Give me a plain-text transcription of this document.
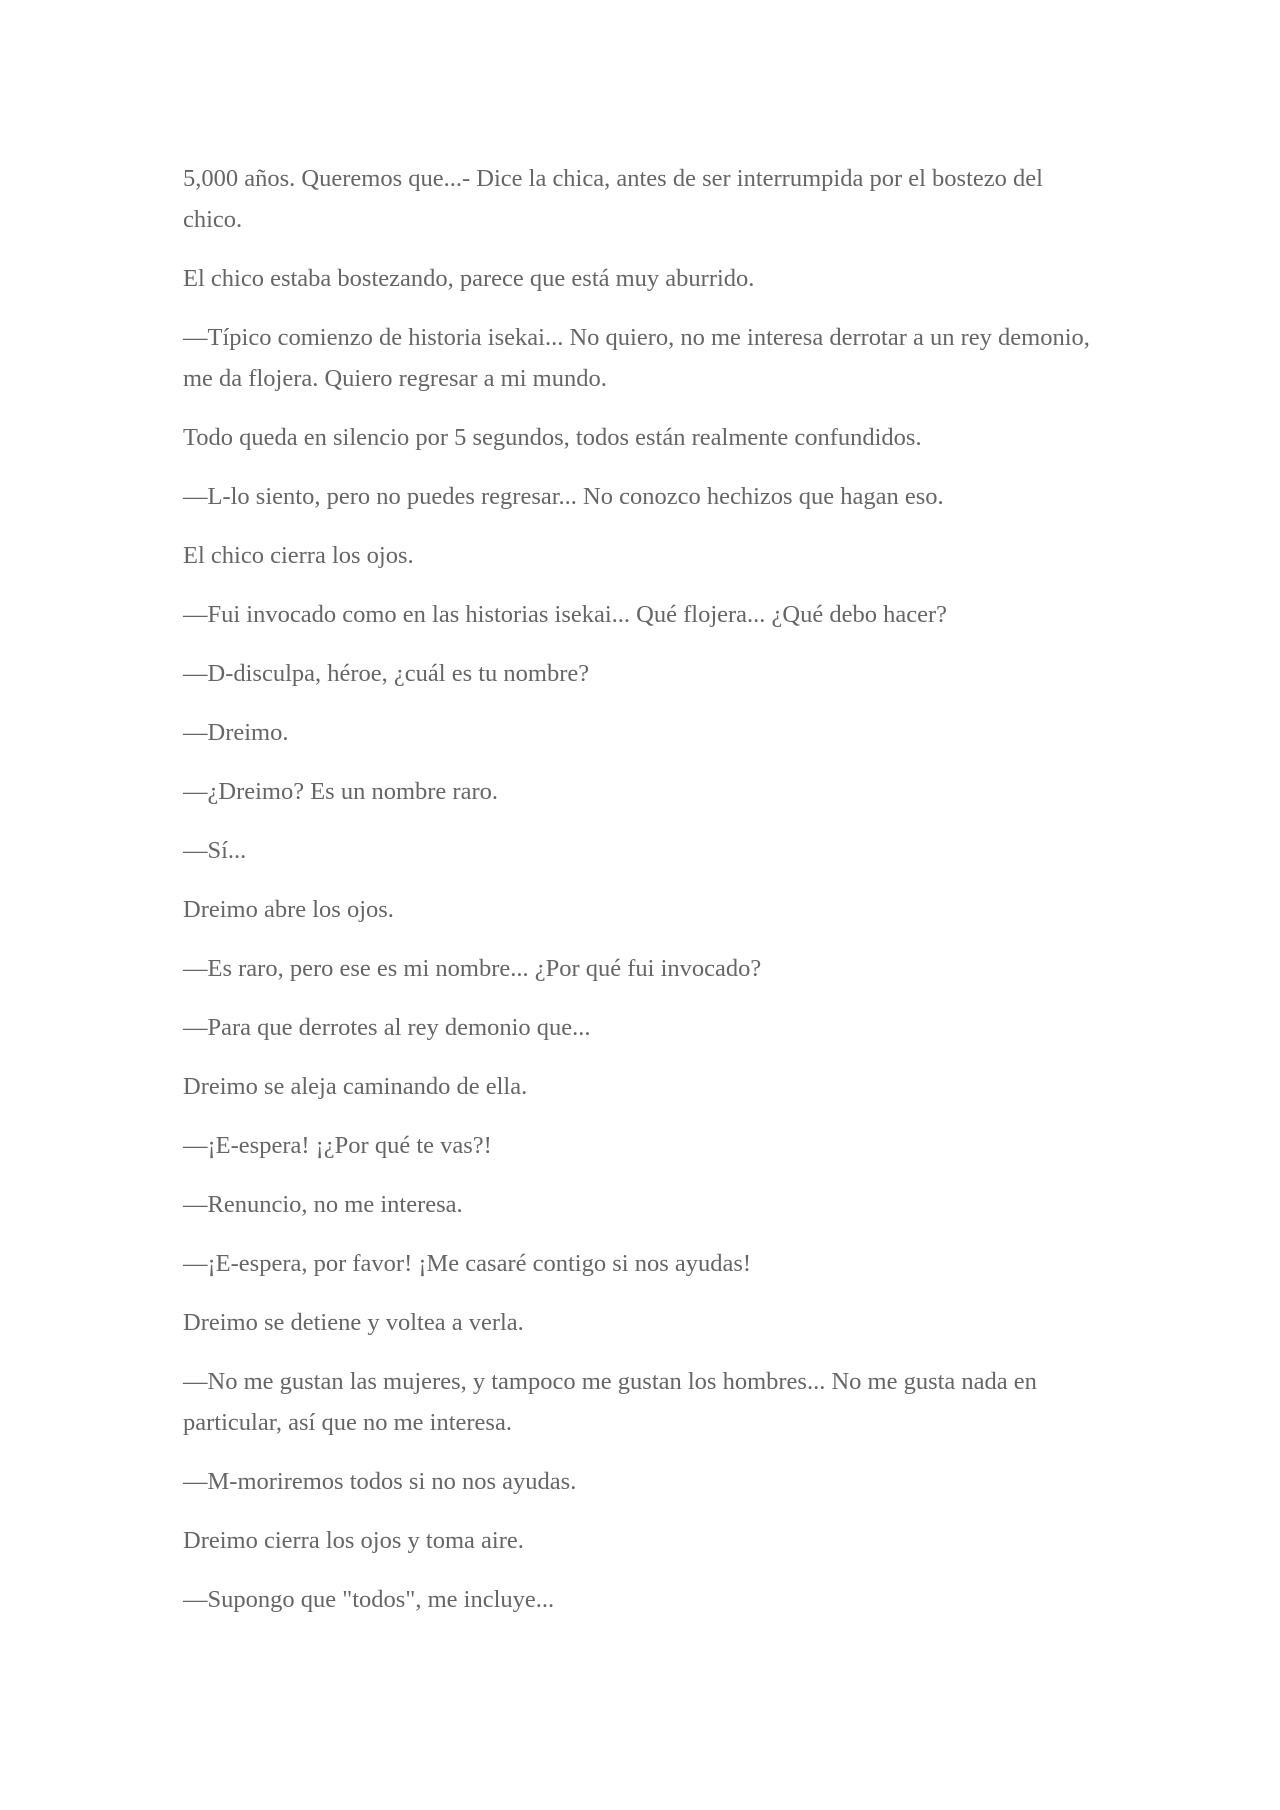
5,000 años. Queremos que...- Dice la chica, antes de ser interrumpida por el bostezo del chico.

El chico estaba bostezando, parece que está muy aburrido.

—Típico comienzo de historia isekai... No quiero, no me interesa derrotar a un rey demonio, me da flojera. Quiero regresar a mi mundo.

Todo queda en silencio por 5 segundos, todos están realmente confundidos.

—L-lo siento, pero no puedes regresar... No conozco hechizos que hagan eso.

El chico cierra los ojos.

—Fui invocado como en las historias isekai... Qué flojera... ¿Qué debo hacer?

—D-disculpa, héroe, ¿cuál es tu nombre?

—Dreimo.

—¿Dreimo? Es un nombre raro.

—Sí...

Dreimo abre los ojos.

—Es raro, pero ese es mi nombre... ¿Por qué fui invocado?

—Para que derrotes al rey demonio que...

Dreimo se aleja caminando de ella.

—¡E-espera! ¡¿Por qué te vas?!

—Renuncio, no me interesa.

—¡E-espera, por favor! ¡Me casaré contigo si nos ayudas!

Dreimo se detiene y voltea a verla.

—No me gustan las mujeres, y tampoco me gustan los hombres... No me gusta nada en particular, así que no me interesa.

—M-moriremos todos si no nos ayudas.

Dreimo cierra los ojos y toma aire.

—Supongo que "todos", me incluye...
